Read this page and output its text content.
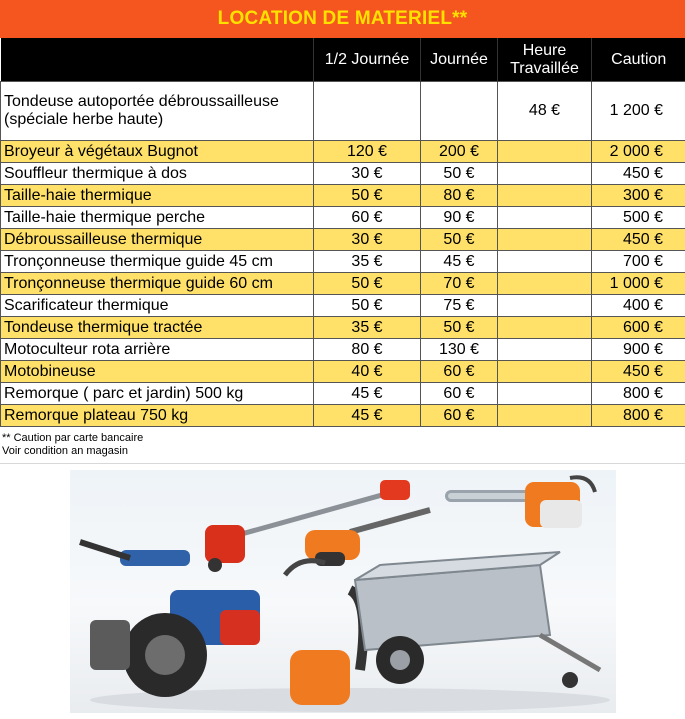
LOCATION DE MATERIEL**
	1/2 Journée	Journée	Heure Travaillée	Caution
Tondeuse autoportée débroussailleuse (spéciale herbe haute)			48 €	1 200 €
Broyeur à végétaux Bugnot	120 €	200 €		2 000 €
Souffleur thermique à dos	30 €	50 €		450 €
Taille-haie thermique	50 €	80 €		300 €
Taille-haie thermique perche	60 €	90 €		500 €
Débroussailleuse thermique	30 €	50 €		450 €
Tronçonneuse thermique guide 45 cm	35 €	45 €		700 €
Tronçonneuse thermique guide 60 cm	50 €	70 €		1 000 €
Scarificateur thermique	50 €	75 €		400 €
Tondeuse thermique tractée	35 €	50 €		600 €
Motoculteur rota arrière	80 €	130 €		900 €
Motobineuse	40 €	60 €		450 €
Remorque ( parc et jardin) 500 kg	45 €	60 €		800 €
Remorque plateau 750 kg	45 €	60 €		800 €
** Caution par carte bancaire
Voir condition an magasin
